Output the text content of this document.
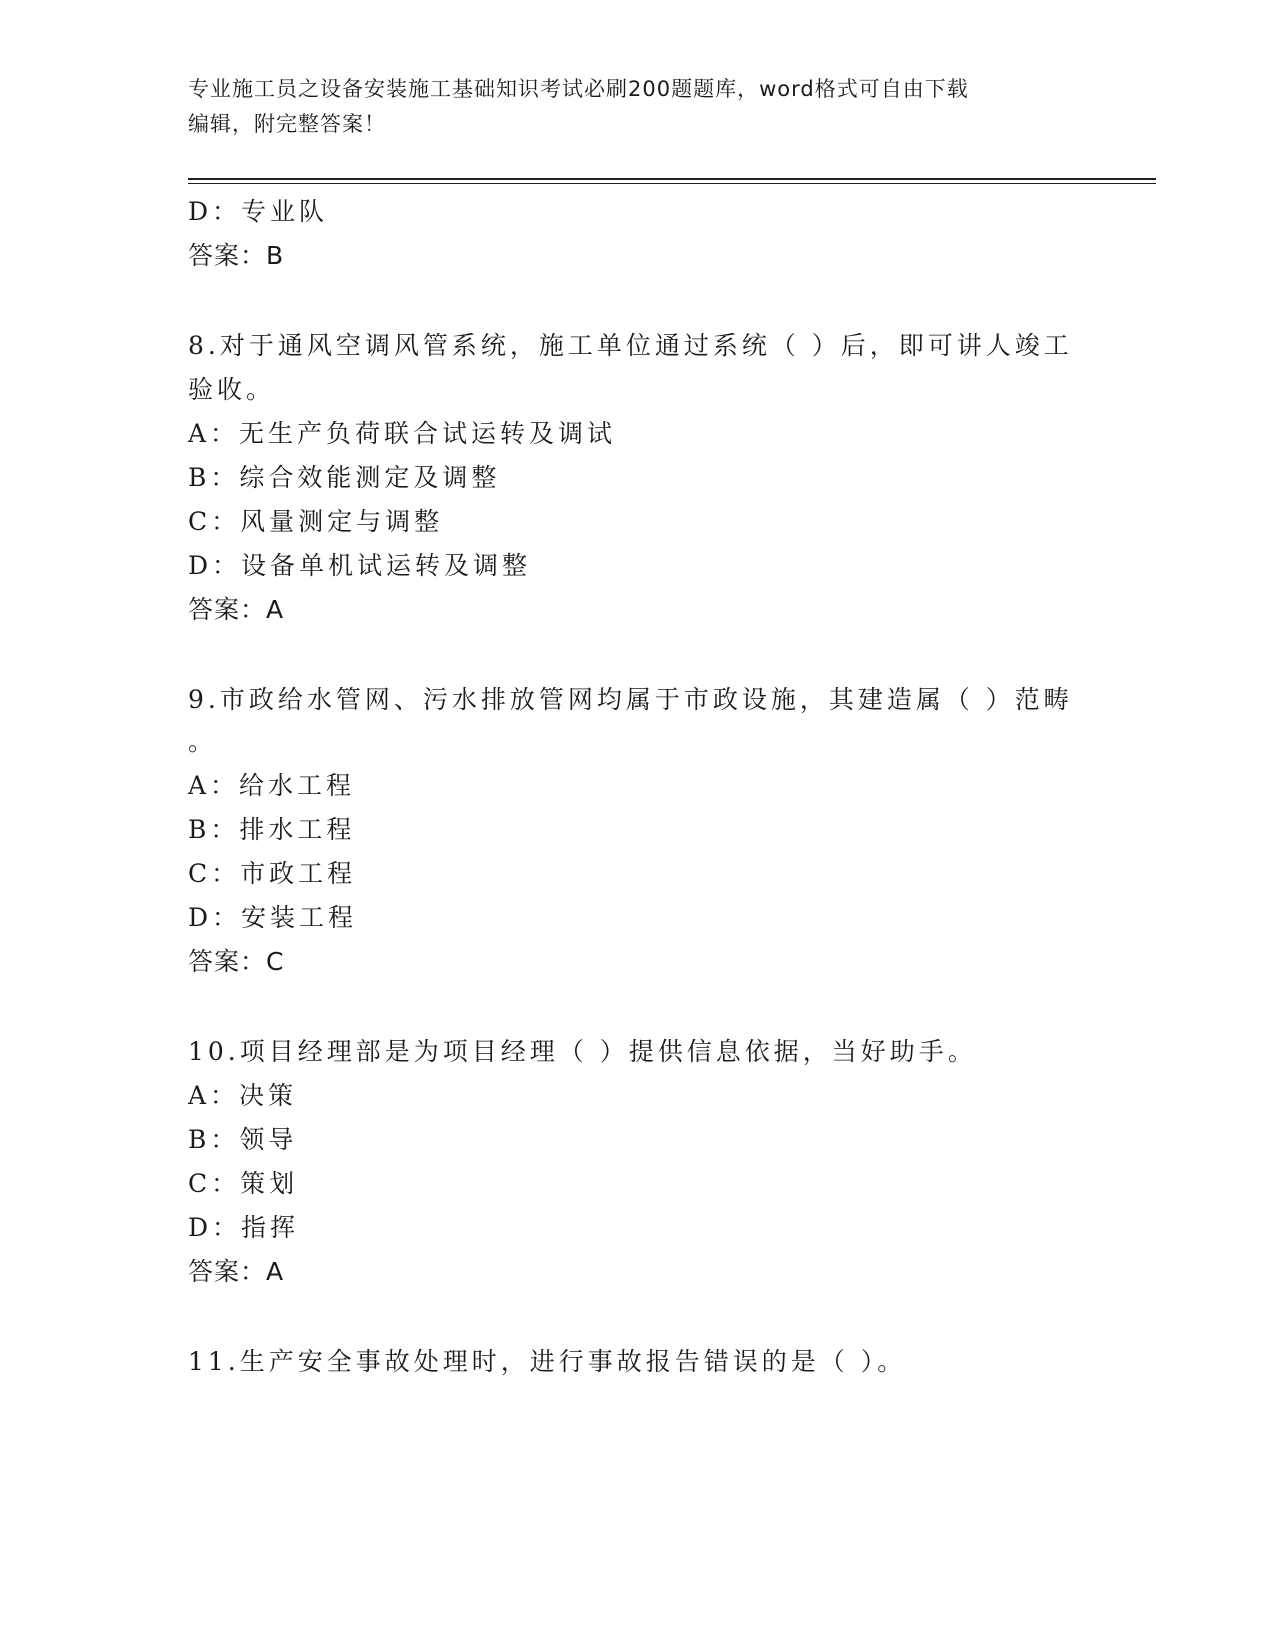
专业施工员之设备安装施工基础知识考试必刷200题题库，word格式可自由下载
编辑，附完整答案！
D：专业队
答案：B
8.对于通风空调风管系统，施工单位通过系统（ ）后，即可讲人竣工
验收。
A：无生产负荷联合试运转及调试
B：综合效能测定及调整
C：风量测定与调整
D：设备单机试运转及调整
答案：A
9.市政给水管网、污水排放管网均属于市政设施，其建造属（ ）范畴
。
A：给水工程
B：排水工程
C：市政工程
D：安装工程
答案：C
10.项目经理部是为项目经理（ ）提供信息依据，当好助手。
A：决策
B：领导
C：策划
D：指挥
答案：A
11.生产安全事故处理时，进行事故报告错误的是（ ）。
